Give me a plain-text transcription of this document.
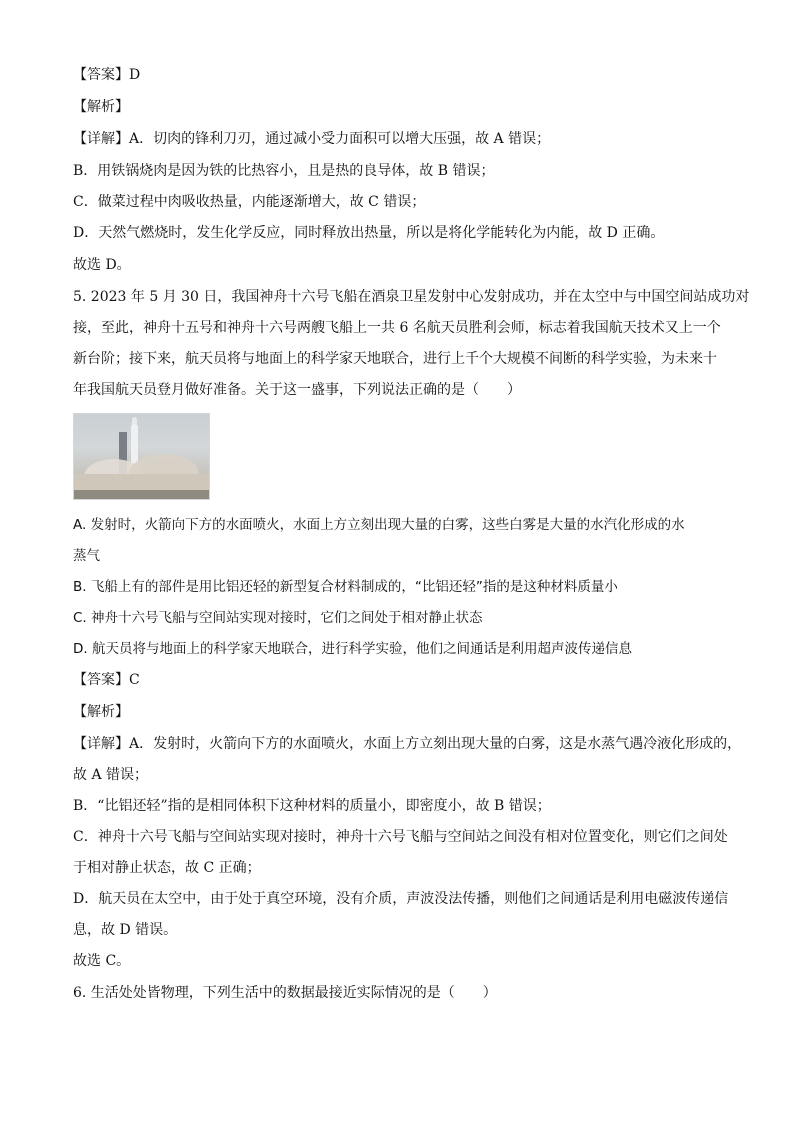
【答案】D
【解析】
【详解】A．切肉的锋利刀刃，通过减小受力面积可以增大压强，故 A 错误；
B．用铁锅烧肉是因为铁的比热容小，且是热的良导体，故 B 错误；
C．做菜过程中肉吸收热量，内能逐渐增大，故 C 错误；
D．天然气燃烧时，发生化学反应，同时释放出热量，所以是将化学能转化为内能，故 D 正确。
故选 D。
5. 2023 年 5 月 30 日，我国神舟十六号飞船在酒泉卫星发射中心发射成功，并在太空中与中国空间站成功对
接，至此，神舟十五号和神舟十六号两艘飞船上一共 6 名航天员胜利会师，标志着我国航天技术又上一个
新台阶；接下来，航天员将与地面上的科学家天地联合，进行上千个大规模不间断的科学实验，为未来十
年我国航天员登月做好准备。关于这一盛事，下列说法正确的是（　　）
A. 发射时，火箭向下方的水面喷火，水面上方立刻出现大量的白雾，这些白雾是大量的水汽化形成的水
蒸气
B. 飞船上有的部件是用比铝还轻的新型复合材料制成的，“比铝还轻”指的是这种材料质量小
C. 神舟十六号飞船与空间站实现对接时，它们之间处于相对静止状态
D. 航天员将与地面上的科学家天地联合，进行科学实验，他们之间通话是利用超声波传递信息
【答案】C
【解析】
【详解】A．发射时，火箭向下方的水面喷火，水面上方立刻出现大量的白雾，这是水蒸气遇冷液化形成的，
故 A 错误；
B．“比铝还轻”指的是相同体积下这种材料的质量小，即密度小，故 B 错误；
C．神舟十六号飞船与空间站实现对接时，神舟十六号飞船与空间站之间没有相对位置变化，则它们之间处
于相对静止状态，故 C 正确；
D．航天员在太空中，由于处于真空环境，没有介质，声波没法传播，则他们之间通话是利用电磁波传递信
息，故 D 错误。
故选 C。
6. 生活处处皆物理，下列生活中的数据最接近实际情况的是（　　）
